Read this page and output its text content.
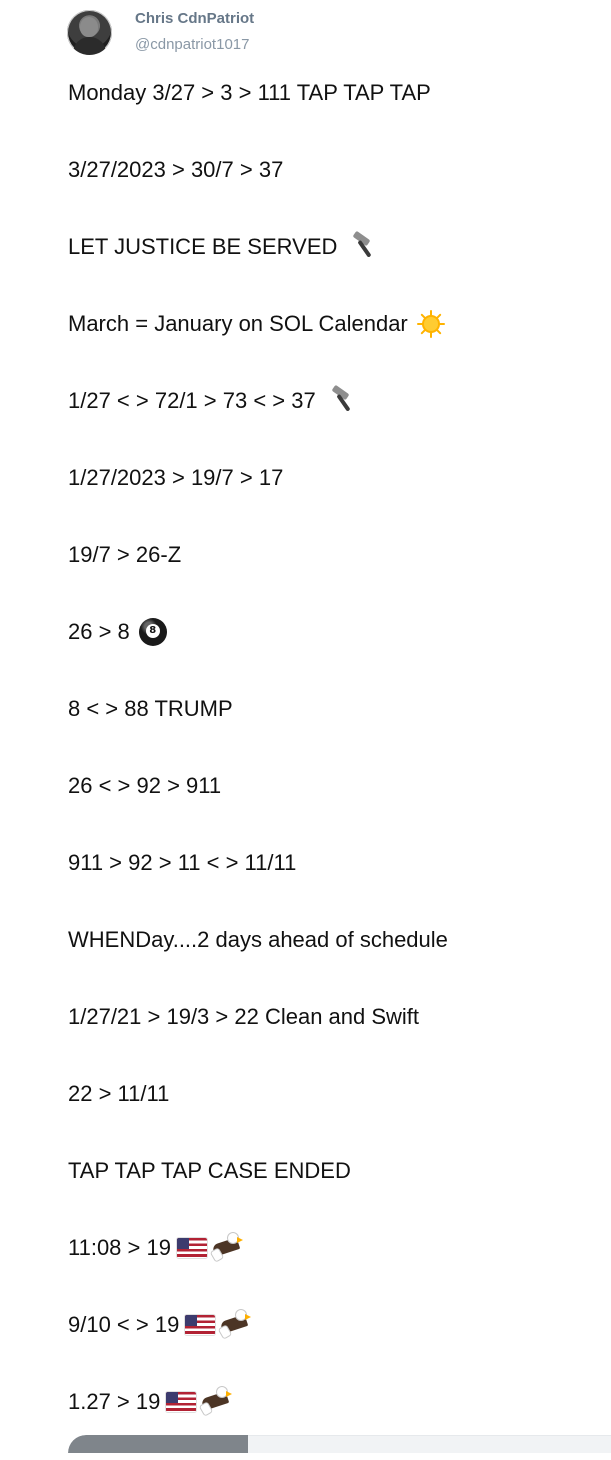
Chris CdnPatriot
@cdnpatriot1017
Monday 3/27 > 3 > 111 TAP TAP TAP
3/27/2023 > 30/7 > 37
LET JUSTICE BE SERVED
March = January on SOL Calendar
1/27 < > 72/1 > 73 < > 37
1/27/2023 > 19/7 > 17
19/7 > 26-Z
26 > 8	8
8 < > 88 TRUMP
26 < > 92 > 911
911 > 92 > 11 < > 11/11
WHENDay....2 days ahead of schedule
1/27/21 > 19/3 > 22 Clean and Swift
22 > 11/11
TAP TAP TAP CASE ENDED
11:08 > 19
9/10 < > 19
1.27 > 19
